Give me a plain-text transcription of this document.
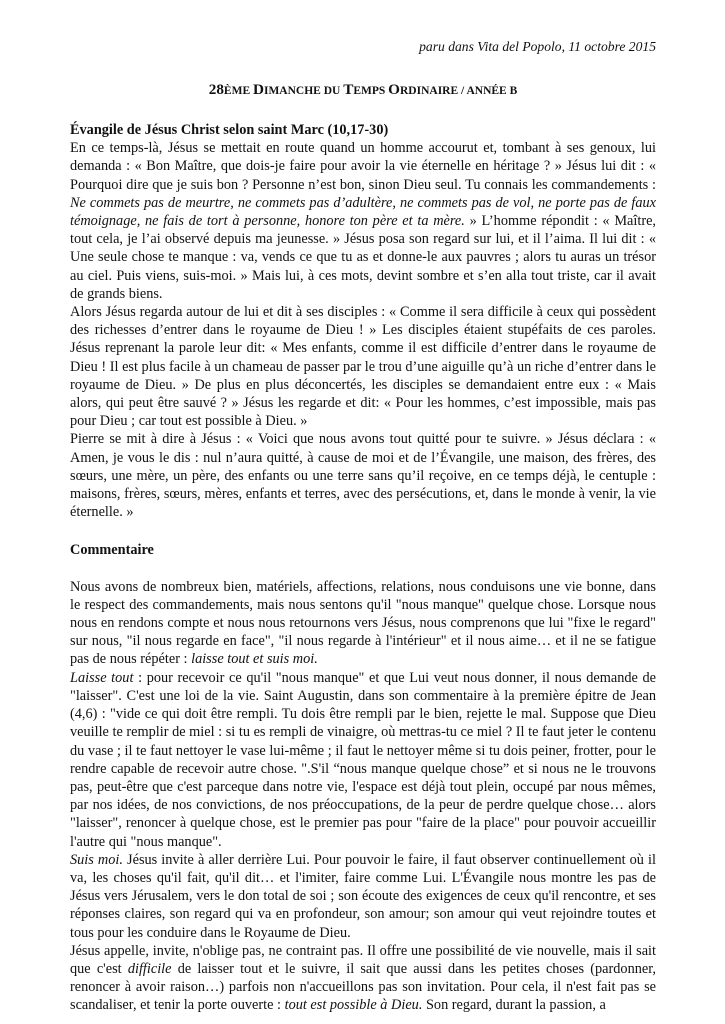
paru dans Vita del Popolo, 11 octobre 2015
28ÈME DIMANCHE DU TEMPS ORDINAIRE / ANNÉE B
Évangile de Jésus Christ selon saint Marc (10,17-30)

En ce temps-là, Jésus se mettait en route quand un homme accourut et, tombant à ses genoux, lui demanda : « Bon Maître, que dois-je faire pour avoir la vie éternelle en héritage ? » Jésus lui dit : « Pourquoi dire que je suis bon ? Personne n’est bon, sinon Dieu seul. Tu connais les commandements : Ne commets pas de meurtre, ne commets pas d’adultère, ne commets pas de vol, ne porte pas de faux témoignage, ne fais de tort à personne, honore ton père et ta mère. » L’homme répondit : « Maître, tout cela, je l’ai observé depuis ma jeunesse. » Jésus posa son regard sur lui, et il l’aima. Il lui dit : « Une seule chose te manque : va, vends ce que tu as et donne-le aux pauvres ; alors tu auras un trésor au ciel. Puis viens, suis-moi. » Mais lui, à ces mots, devint sombre et s’en alla tout triste, car il avait de grands biens.

Alors Jésus regarda autour de lui et dit à ses disciples : « Comme il sera difficile à ceux qui possèdent des richesses d’entrer dans le royaume de Dieu ! » Les disciples étaient stupéfaits de ces paroles. Jésus reprenant la parole leur dit: « Mes enfants, comme il est difficile d’entrer dans le royaume de Dieu ! Il est plus facile à un chameau de passer par le trou d’une aiguille qu’à un riche d’entrer dans le royaume de Dieu. » De plus en plus déconcertés, les disciples se demandaient entre eux : « Mais alors, qui peut être sauvé ? » Jésus les regarde et dit: « Pour les hommes, c’est impossible, mais pas pour Dieu ; car tout est possible à Dieu. »

Pierre se mit à dire à Jésus : « Voici que nous avons tout quitté pour te suivre. » Jésus déclara : « Amen, je vous le dis : nul n’aura quitté, à cause de moi et de l’Évangile, une maison, des frères, des sœurs, une mère, un père, des enfants ou une terre sans qu’il reçoive, en ce temps déjà, le centuple : maisons, frères, sœurs, mères, enfants et terres, avec des persécutions, et, dans le monde à venir, la vie éternelle. »

Commentaire

Nous avons de nombreux bien, matériels, affections, relations, nous conduisons une vie bonne, dans le respect des commandements, mais nous sentons qu'il "nous manque" quelque chose. Lorsque nous nous en rendons compte et nous nous retournons vers Jésus, nous comprenons que lui "fixe le regard" sur nous, "il nous regarde en face", "il nous regarde à l'intérieur" et il nous aime… et il ne se fatigue pas de nous répéter : laisse tout et suis moi.

Laisse tout : pour recevoir ce qu'il "nous manque" et que Lui veut nous donner, il nous demande de "laisser". C'est une loi de la vie. Saint Augustin, dans son commentaire à la première épitre de Jean (4,6) : "vide ce qui doit être rempli. Tu dois être rempli par le bien, rejette le mal. Suppose que Dieu veuille te remplir de miel : si tu es rempli de vinaigre, où mettras-tu ce miel ? Il te faut jeter le contenu du vase ; il te faut nettoyer le vase lui-même ; il faut le nettoyer même si tu dois peiner, frotter, pour le rendre capable de recevoir autre chose. ".S'il “nous manque quelque chose” et si nous ne le trouvons pas, peut-être que c'est parceque dans notre vie, l'espace est déjà tout plein, occupé par nous mêmes, par nos idées, de nos convictions, de nos préoccupations, de la peur de perdre quelque chose… alors "laisser", renoncer à quelque chose, est le premier pas pour "faire de la place" pour pouvoir accueillir l'autre qui "nous manque".

Suis moi. Jésus invite à aller derrière Lui. Pour pouvoir le faire, il faut observer continuellement où il va, les choses qu'il fait, qu'il dit… et l'imiter, faire comme Lui. L'Évangile nous montre les pas de Jésus vers Jérusalem, vers le don total de soi ; son écoute des exigences de ceux qu'il rencontre, et ses réponses claires, son regard qui va en profondeur, son amour; son amour qui veut rejoindre toutes et tous pour les conduire dans le Royaume de Dieu.

Jésus appelle, invite, n'oblige pas, ne contraint pas. Il offre une possibilité de vie nouvelle, mais il sait que c'est difficile de laisser tout et le suivre, il sait que aussi dans les petites choses (pardonner, renoncer à avoir raison…) parfois non n'accueillons pas son invitation. Pour cela, il n'est fait pas se scandaliser, et tenir la porte ouverte : tout est possible à Dieu. Son regard, durant la passion, a
